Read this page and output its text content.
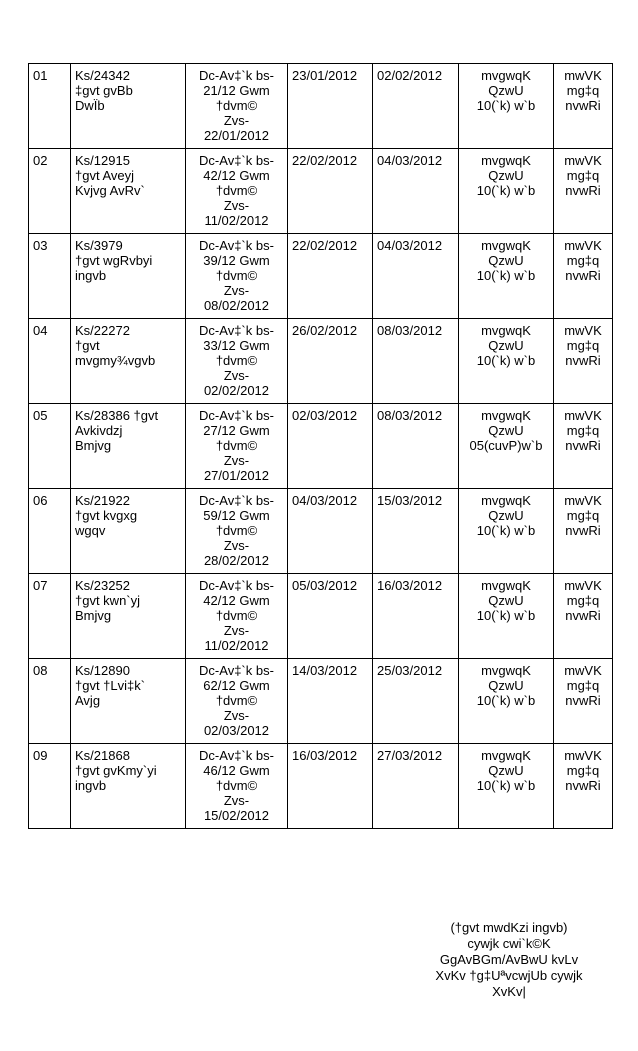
01	Ks/24342
‡gvt gvBb
DwÏb	Dc-Av‡`k bs-
21/12 Gwm
†dvm©
Zvs-
22/01/2012	23/01/2012	02/02/2012	mvgwqK
QzwU
10(`k) w`b	mwVK
mg‡q
nvwRi
02	Ks/12915
†gvt Aveyj
Kvjvg AvRv`	Dc-Av‡`k bs-
42/12 Gwm
†dvm©
Zvs-
11/02/2012	22/02/2012	04/03/2012	mvgwqK
QzwU
10(`k) w`b	mwVK
mg‡q
nvwRi
03	Ks/3979
†gvt wgRvbyi
ingvb	Dc-Av‡`k bs-
39/12 Gwm
†dvm©
Zvs-
08/02/2012	22/02/2012	04/03/2012	mvgwqK
QzwU
10(`k) w`b	mwVK
mg‡q
nvwRi
04	Ks/22272
†gvt
mvgmy¾vgvb	Dc-Av‡`k bs-
33/12 Gwm
†dvm©
Zvs-
02/02/2012	26/02/2012	08/03/2012	mvgwqK
QzwU
10(`k) w`b	mwVK
mg‡q
nvwRi
05	Ks/28386 †gvt
Avkivdzj
Bmjvg	Dc-Av‡`k bs-
27/12 Gwm
†dvm©
Zvs-
27/01/2012	02/03/2012	08/03/2012	mvgwqK
QzwU
05(cuvP)w`b	mwVK
mg‡q
nvwRi
06	Ks/21922
†gvt kvgxg
wgqv	Dc-Av‡`k bs-
59/12 Gwm
†dvm©
Zvs-
28/02/2012	04/03/2012	15/03/2012	mvgwqK
QzwU
10(`k) w`b	mwVK
mg‡q
nvwRi
07	Ks/23252
†gvt kwn`yj
Bmjvg	Dc-Av‡`k bs-
42/12 Gwm
†dvm©
Zvs-
11/02/2012	05/03/2012	16/03/2012	mvgwqK
QzwU
10(`k) w`b	mwVK
mg‡q
nvwRi
08	Ks/12890
†gvt †Lvi‡k`
Avjg	Dc-Av‡`k bs-
62/12 Gwm
†dvm©
Zvs-
02/03/2012	14/03/2012	25/03/2012	mvgwqK
QzwU
10(`k) w`b	mwVK
mg‡q
nvwRi
09	Ks/21868
†gvt gvKmy`yi
ingvb	Dc-Av‡`k bs-
46/12 Gwm
†dvm©
Zvs-
15/02/2012	16/03/2012	27/03/2012	mvgwqK
QzwU
10(`k) w`b	mwVK
mg‡q
nvwRi
(†gvt mwdKzi ingvb)
cywjk cwi`k©K
GgAvBGm/AvBwU kvLv
XvKv †g‡UªvcwjUb cywjk
XvKv|
